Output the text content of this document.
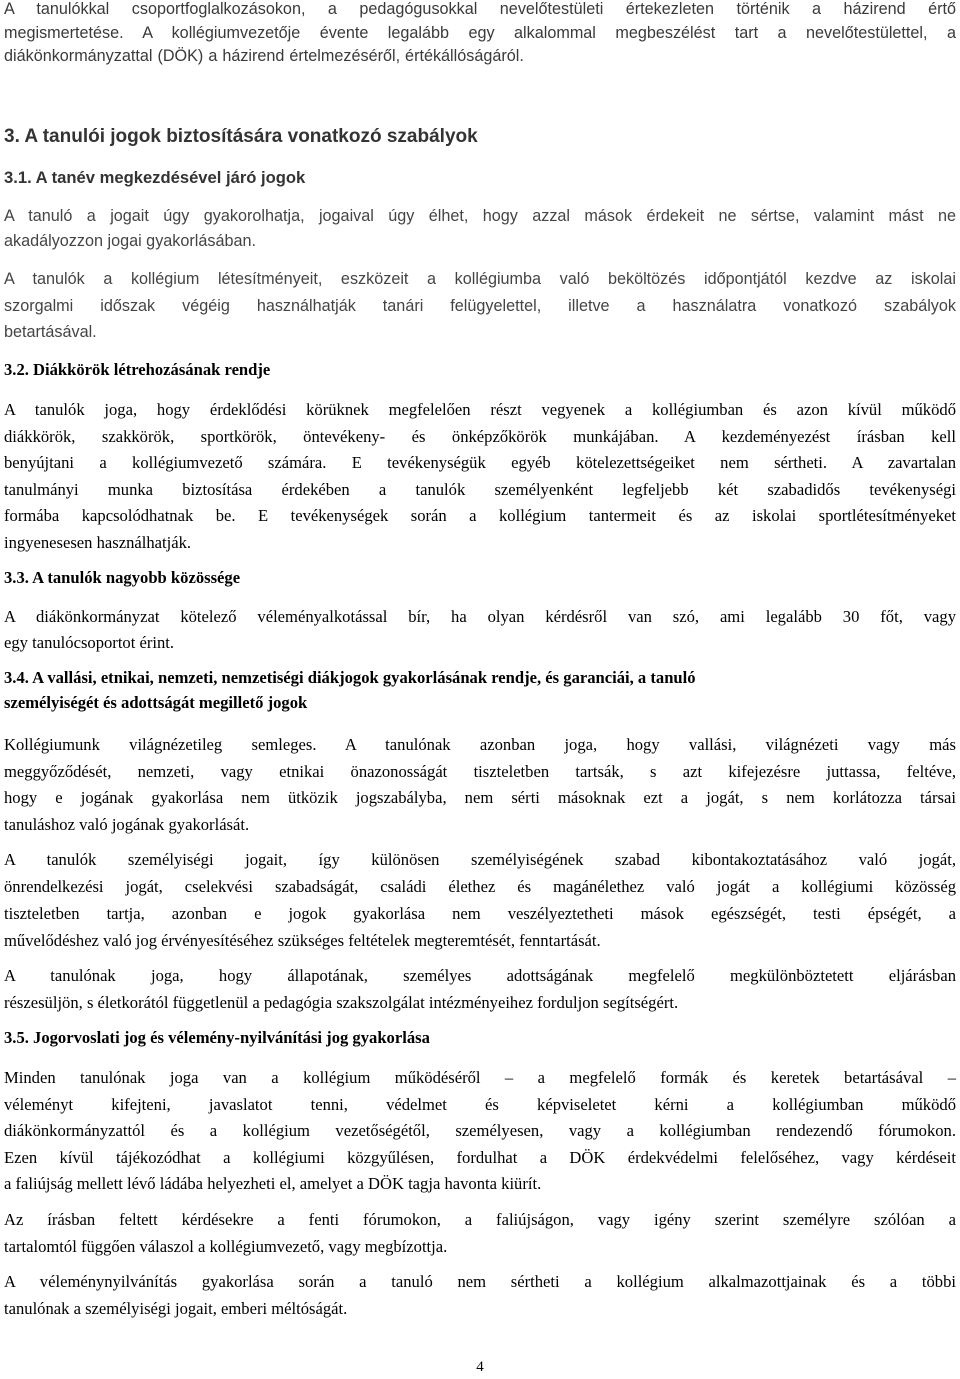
A tanulókkal csoportfoglalkozásokon, a pedagógusokkal nevelőtestületi értekezleten történik a házirend értő
megismertetése. A kollégiumvezetője évente legalább egy alkalommal megbeszélést tart a nevelőtestülettel, a
diákönkormányzattal (DÖK) a házirend értelmezéséről, értékállóságáról.

3. A tanulói jogok biztosítására vonatkozó szabályok
3.1. A tanév megkezdésével járó jogok

A tanuló a jogait úgy gyakorolhatja, jogaival úgy élhet, hogy azzal mások érdekeit ne sértse, valamint mást ne
akadályozzon jogai gyakorlásában.

A tanulók a kollégium létesítményeit, eszközeit a kollégiumba való beköltözés időpontjától kezdve az iskolai
szorgalmi időszak végéig használhatják tanári felügyelettel, illetve a használatra vonatkozó szabályok
betartásával.

3.2. Diákkörök létrehozásának rendje

A tanulók joga, hogy érdeklődési körüknek megfelelően részt vegyenek a kollégiumban és azon kívül működő
diákkörök, szakkörök, sportkörök, öntevékeny- és önképzőkörök munkájában. A kezdeményezést írásban kell
benyújtani a kollégiumvezető számára. E tevékenységük egyéb kötelezettségeiket nem sértheti. A zavartalan
tanulmányi munka biztosítása érdekében a tanulók személyenként legfeljebb két szabadidős tevékenységi
formába kapcsolódhatnak be. E tevékenységek során a kollégium tantermeit és az iskolai sportlétesítményeket
ingyenesesen használhatják.

3.3. A tanulók nagyobb közössége

A diákönkormányzat kötelező véleményalkotással bír, ha olyan kérdésről van szó, ami legalább 30 főt, vagy
egy tanulócsoportot érint.

3.4. A vallási, etnikai, nemzeti, nemzetiségi diákjogok gyakorlásának rendje, és garanciái, a tanuló
személyiségét és adottságát megillető jogok

Kollégiumunk világnézetileg semleges. A tanulónak azonban joga, hogy vallási, világnézeti vagy más
meggyőződését, nemzeti, vagy etnikai önazonosságát tiszteletben tartsák, s azt kifejezésre juttassa, feltéve,
hogy e jogának gyakorlása nem ütközik jogszabályba, nem sérti másoknak ezt a jogát, s nem korlátozza társai
tanuláshoz való jogának gyakorlását.

A tanulók személyiségi jogait, így különösen személyiségének szabad kibontakoztatásához való jogát,
önrendelkezési jogát, cselekvési szabadságát, családi élethez és magánélethez való jogát a kollégiumi közösség
tiszteletben tartja, azonban e jogok gyakorlása nem veszélyeztetheti mások egészségét, testi épségét, a
művelődéshez való jog érvényesítéséhez szükséges feltételek megteremtését, fenntartását.

A tanulónak joga, hogy állapotának, személyes adottságának megfelelő megkülönböztetett eljárásban
részesüljön, s életkorától függetlenül a pedagógia szakszolgálat intézményeihez forduljon segítségért.

3.5. Jogorvoslati jog és vélemény-nyilvánítási jog gyakorlása

Minden tanulónak joga van a kollégium működéséről – a megfelelő formák és keretek betartásával –
véleményt kifejteni, javaslatot tenni, védelmet és képviseletet kérni a kollégiumban működő
diákönkormányzattól és a kollégium vezetőségétől, személyesen, vagy a kollégiumban rendezendő fórumokon.
Ezen kívül tájékozódhat a kollégiumi közgyűlésen, fordulhat a DÖK érdekvédelmi felelőséhez, vagy kérdéseit
a faliújság mellett lévő ládába helyezheti el, amelyet a DÖK tagja havonta kiürít.

Az írásban feltett kérdésekre a fenti fórumokon, a faliújságon, vagy igény szerint személyre szólóan a
tartalomtól függően válaszol a kollégiumvezető, vagy megbízottja.

A véleménynyilvánítás gyakorlása során a tanuló nem sértheti a kollégium alkalmazottjainak és a többi
tanulónak a személyiségi jogait, emberi méltóságát.

4
